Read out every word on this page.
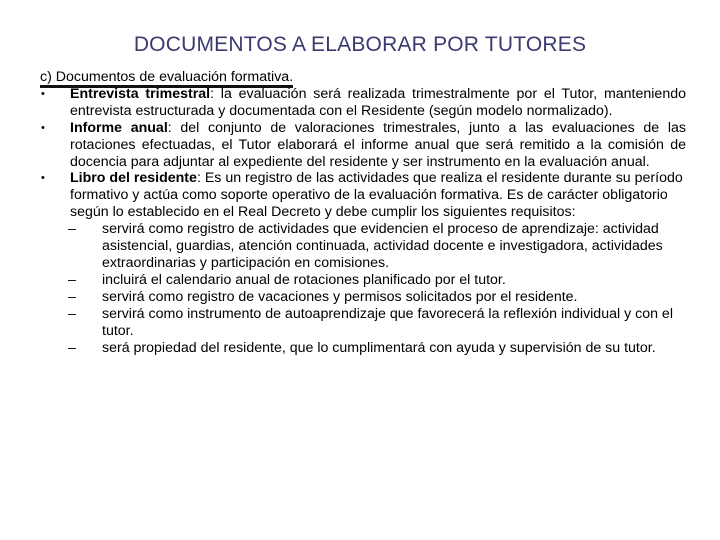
DOCUMENTOS A ELABORAR POR TUTORES

c) Documentos de evaluación formativa.

• Entrevista trimestral: la evaluación será realizada trimestralmente por el Tutor, manteniendo entrevista estructurada y documentada con el Residente (según modelo normalizado).
• Informe anual: del conjunto de valoraciones trimestrales, junto a las evaluaciones de las rotaciones efectuadas, el Tutor elaborará el informe anual que será remitido a la comisión de docencia para adjuntar al expediente del residente y ser instrumento en la evaluación anual.
• Libro del residente: Es un registro de las actividades que realiza el residente durante su período formativo y actúa como soporte operativo de la evaluación formativa. Es de carácter obligatorio según lo establecido en el Real Decreto y debe cumplir los siguientes requisitos:
– servirá como registro de actividades que evidencien el proceso de aprendizaje: actividad asistencial, guardias, atención continuada, actividad docente e investigadora, actividades extraordinarias y participación en comisiones.
– incluirá el calendario anual de rotaciones planificado por el tutor.
– servirá como registro de vacaciones y permisos solicitados por el residente.
– servirá como instrumento de autoaprendizaje que favorecerá la reflexión individual y con el tutor.
– será propiedad del residente, que lo cumplimentará con ayuda y supervisión de su tutor.
